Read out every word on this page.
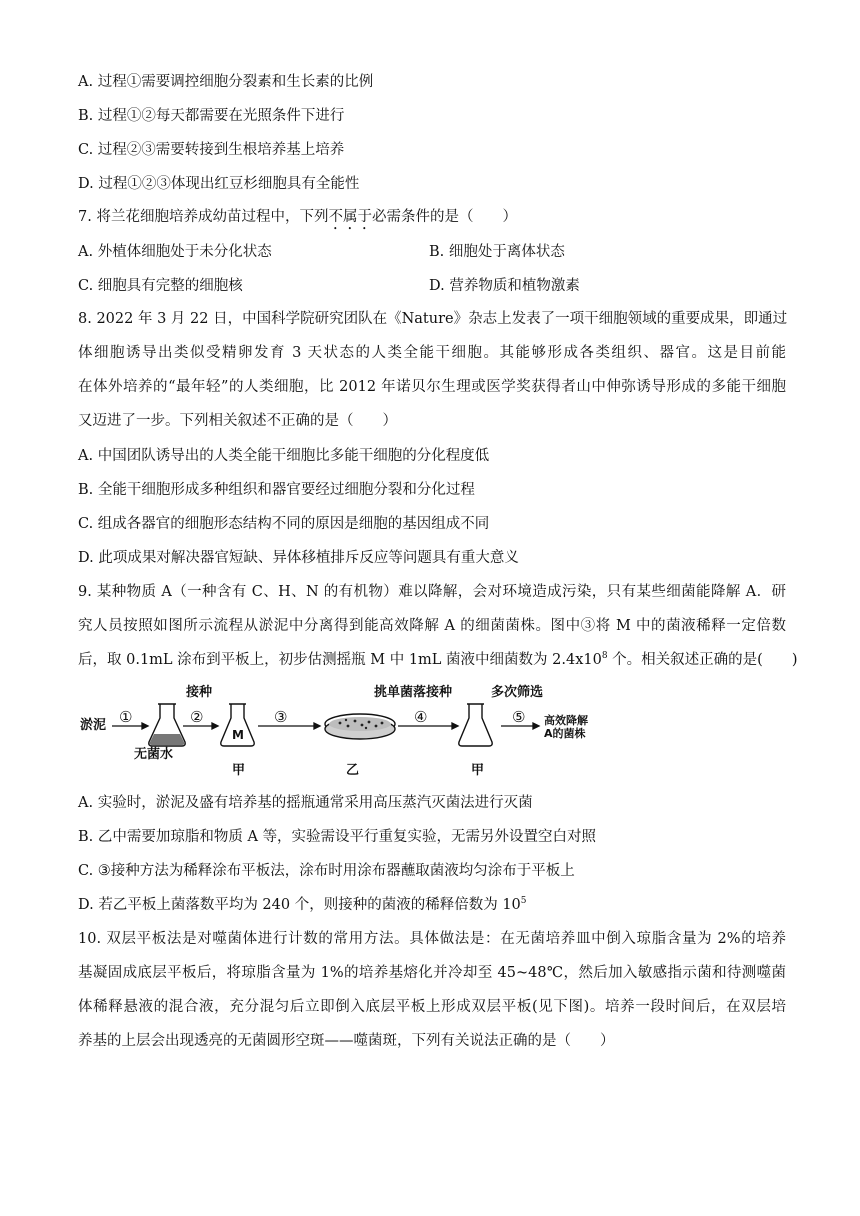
A. 过程①需要调控细胞分裂素和生长素的比例
B. 过程①②每天都需要在光照条件下进行
C. 过程②③需要转接到生根培养基上培养
D. 过程①②③体现出红豆杉细胞具有全能性
7. 将兰花细胞培养成幼苗过程中，下列不属于必需条件的是（　　）
A. 外植体细胞处于未分化状态	B. 细胞处于离体状态
C. 细胞具有完整的细胞核	D. 营养物质和植物激素
8. 2022 年 3 月 22 日，中国科学院研究团队在《Nature》杂志上发表了一项干细胞领域的重要成果，即通过
体细胞诱导出类似受精卵发育 3 天状态的人类全能干细胞。其能够形成各类组织、器官。这是目前能
在体外培养的“最年轻”的人类细胞，比 2012 年诺贝尔生理或医学奖获得者山中伸弥诱导形成的多能干细胞
又迈进了一步。下列相关叙述不正确的是（　　）
A. 中国团队诱导出的人类全能干细胞比多能干细胞的分化程度低
B. 全能干细胞形成多种组织和器官要经过细胞分裂和分化过程
C. 组成各器官的细胞形态结构不同的原因是细胞的基因组成不同
D. 此项成果对解决器官短缺、异体移植排斥反应等问题具有重大意义
9. 某种物质 A（一种含有 C、H、N 的有机物）难以降解，会对环境造成污染，只有某些细菌能降解 A．研
究人员按照如图所示流程从淤泥中分离得到能高效降解 A 的细菌菌株。图中③将 M 中的菌液稀释一定倍数
后，取 0.1mL 涂布到平板上，初步估测摇瓶 M 中 1mL 菌液中细菌数为 $2.4x10^8$ 个。相关叙述正确的是(　　)
淤泥
无菌水
接种
甲	乙
挑单菌落接种
甲
多次筛选
①	②	③	④	⑤ 高效降解
A的菌株
M
A. 实验时，淤泥及盛有培养基的摇瓶通常采用高压蒸汽灭菌法进行灭菌
B. 乙中需要加琼脂和物质 A 等，实验需设平行重复实验，无需另外设置空白对照
C. ③接种方法为稀释涂布平板法，涂布时用涂布器蘸取菌液均匀涂布于平板上
D. 若乙平板上菌落数平均为 240 个，则接种的菌液的稀释倍数为 $10^5$
10. 双层平板法是对噬菌体进行计数的常用方法。具体做法是：在无菌培养皿中倒入琼脂含量为 2%的培养
基凝固成底层平板后，将琼脂含量为 1%的培养基熔化并冷却至 45~48℃，然后加入敏感指示菌和待测噬菌
体稀释悬液的混合液，充分混匀后立即倒入底层平板上形成双层平板(见下图)。培养一段时间后，在双层培
养基的上层会出现透亮的无菌圆形空斑——噬菌斑，下列有关说法正确的是（　　）
